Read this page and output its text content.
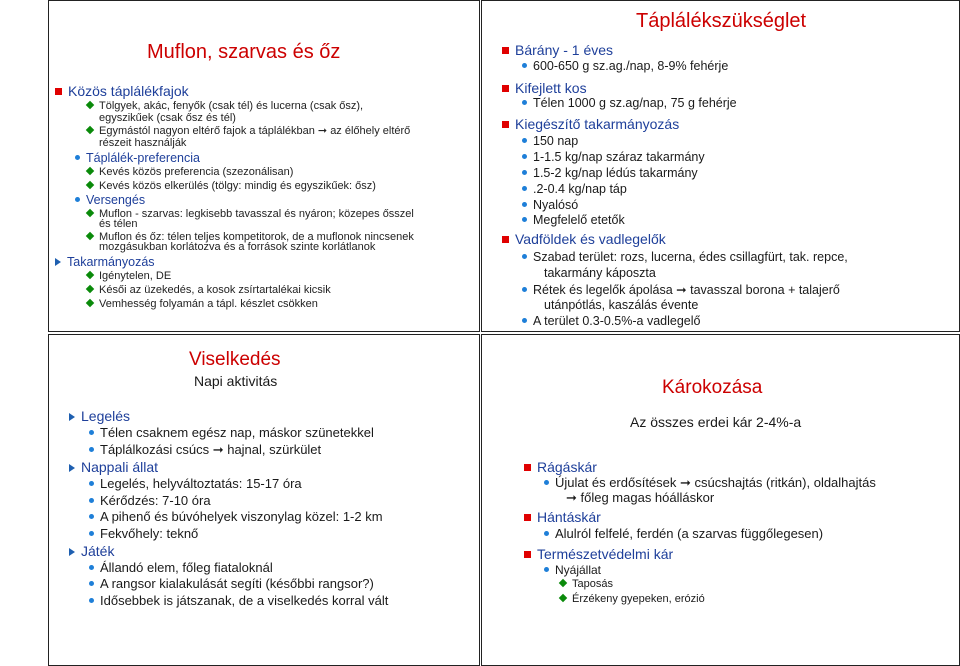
Muflon, szarvas és őz
Közös táplálékfajok
Tölgyek, akác, fenyők (csak tél) és lucerna (csak ősz),
egyszikűek (csak ősz és tél)
Egymástól nagyon eltérő fajok a táplálékban ➞ az élőhely eltérő
részeit használják
Táplálék-preferencia
Kevés közös preferencia (szezonálisan)
Kevés közös elkerülés (tölgy: mindig és egyszikűek: ősz)
Versengés
Muflon - szarvas: legkisebb tavasszal és nyáron; közepes ősszel
és télen
Muflon és őz: télen teljes kompetitorok, de a muflonok nincsenek
mozgásukban korlátozva és a források szinte korlátlanok
Takarmányozás
Igénytelen, DE
Késői az üzekedés, a kosok zsírtartalékai kicsik
Vemhesség folyamán a tápl. készlet csökken
Táplálékszükséglet
Bárány - 1 éves
600-650 g sz.ag./nap, 8-9% fehérje
Kifejlett kos
Télen 1000 g sz.ag/nap, 75 g fehérje
Kiegészítő takarmányozás
150 nap
1-1.5 kg/nap száraz takarmány
1.5-2 kg/nap lédús takarmány
.2-0.4 kg/nap táp
Nyalósó
Megfelelő etetők
Vadföldek és vadlegelők
Szabad terület: rozs, lucerna, édes csillagfürt, tak. repce,
takarmány káposzta
Rétek és legelők ápolása ➞ tavasszal borona + talajerő
utánpótlás, kaszálás évente
A terület 0.3-0.5%-a vadlegelő
Viselkedés
Napi aktivitás
Legelés
Télen csaknem egész nap, máskor szünetekkel
Táplálkozási csúcs ➞ hajnal, szürkület
Nappali állat
Legelés, helyváltoztatás: 15-17 óra
Kérődzés: 7-10 óra
A pihenő és búvóhelyek viszonylag közel: 1-2 km
Fekvőhely: teknő
Játék
Állandó elem, főleg fiataloknál
A rangsor kialakulását segíti (későbbi rangsor?)
Idősebbek is játszanak, de a viselkedés korral vált
Károkozása
Az összes erdei kár 2-4%-a
Rágáskár
Újulat és erdősítések ➞ csúcshajtás (ritkán), oldalhajtás
➞ főleg magas hóálláskor
Hántáskár
Alulról felfelé, ferdén (a szarvas függőlegesen)
Természetvédelmi kár
Nyájállat
Taposás
Érzékeny gyepeken, erózió
